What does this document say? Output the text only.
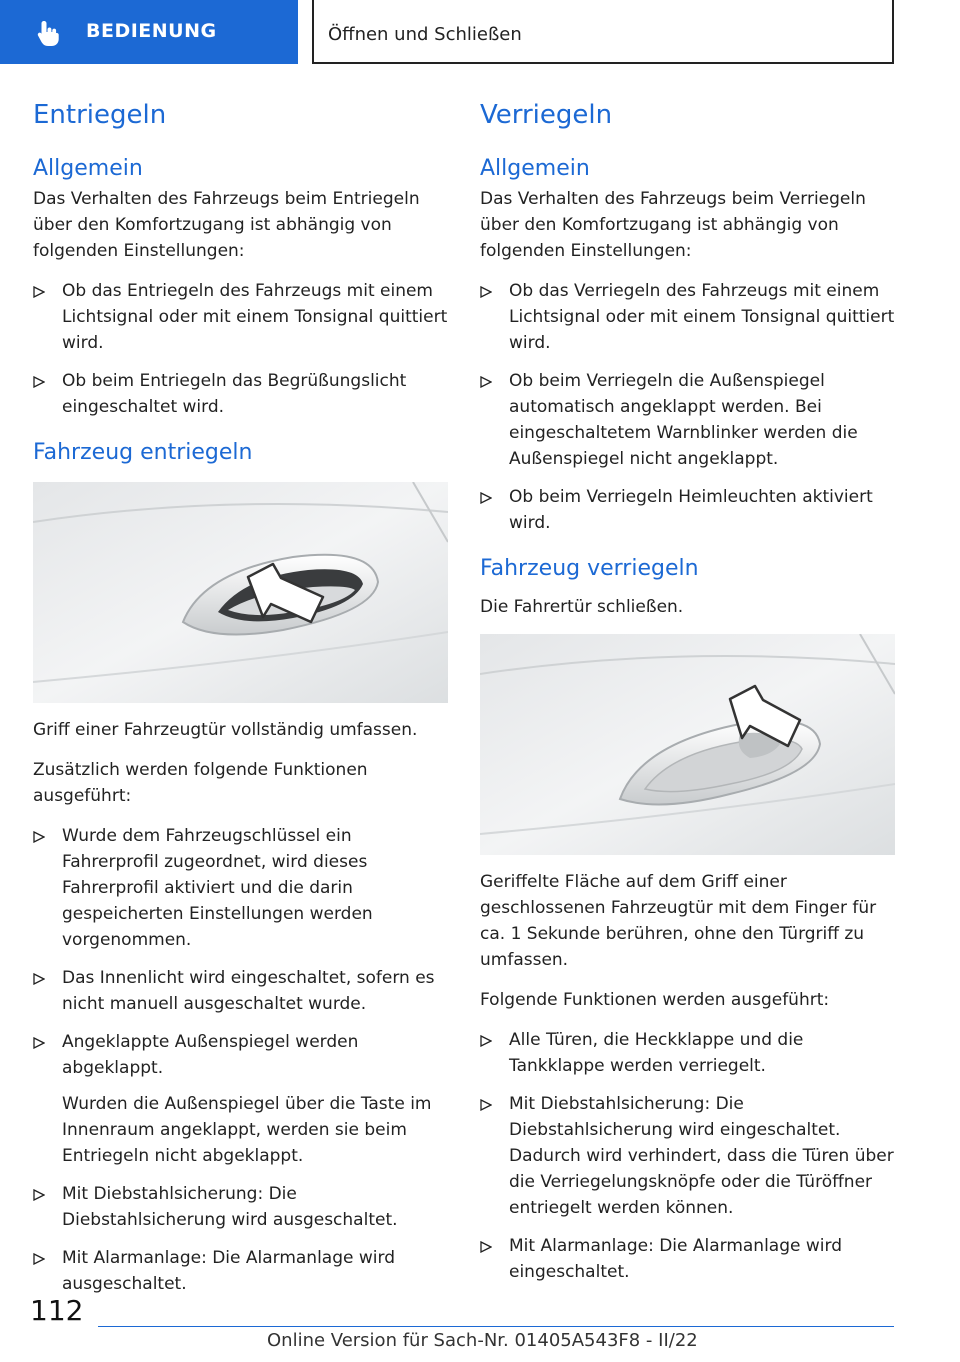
BEDIENUNG	Öffnen und Schließen
Entriegeln
Allgemein

Das Verhalten des Fahrzeugs beim Entriegeln über den Komfortzugang ist abhängig von folgenden Einstellungen:

Ob das Entriegeln des Fahrzeugs mit einem Lichtsignal oder mit einem Tonsignal quittiert wird.
Ob beim Entriegeln das Begrüßungslicht eingeschaltet wird.
Fahrzeug entriegeln

Griff einer Fahrzeugtür vollständig umfassen.

Zusätzlich werden folgende Funktionen ausgeführt:

Wurde dem Fahrzeugschlüssel ein Fahrerprofil zugeordnet, wird dieses Fahrerprofil aktiviert und die darin gespeicherten Einstellungen werden vorgenommen.
Das Innenlicht wird eingeschaltet, sofern es nicht manuell ausgeschaltet wurde.
Angeklappte Außenspiegel werden abgeklappt.
Wurden die Außenspiegel über die Taste im Innenraum angeklappt, werden sie beim Entriegeln nicht abgeklappt.
Mit Diebstahlsicherung: Die Diebstahlsicherung wird ausgeschaltet.
Mit Alarmanlage: Die Alarmanlage wird ausgeschaltet.
Verriegeln
Allgemein

Das Verhalten des Fahrzeugs beim Verriegeln über den Komfortzugang ist abhängig von folgenden Einstellungen:

Ob das Verriegeln des Fahrzeugs mit einem Lichtsignal oder mit einem Tonsignal quittiert wird.
Ob beim Verriegeln die Außenspiegel automatisch angeklappt werden. Bei eingeschaltetem Warnblinker werden die Außenspiegel nicht angeklappt.
Ob beim Verriegeln Heimleuchten aktiviert wird.
Fahrzeug verriegeln

Die Fahrertür schließen.

Geriffelte Fläche auf dem Griff einer geschlossenen Fahrzeugtür mit dem Finger für ca. 1 Sekunde berühren, ohne den Türgriff zu umfassen.

Folgende Funktionen werden ausgeführt:

Alle Türen, die Heckklappe und die Tankklappe werden verriegelt.
Mit Diebstahlsicherung: Die Diebstahlsicherung wird eingeschaltet. Dadurch wird verhindert, dass die Türen über die Verriegelungsknöpfe oder die Türöffner entriegelt werden können.
Mit Alarmanlage: Die Alarmanlage wird eingeschaltet.
112
Online Version für Sach-Nr. 01405A543F8 - II/22
